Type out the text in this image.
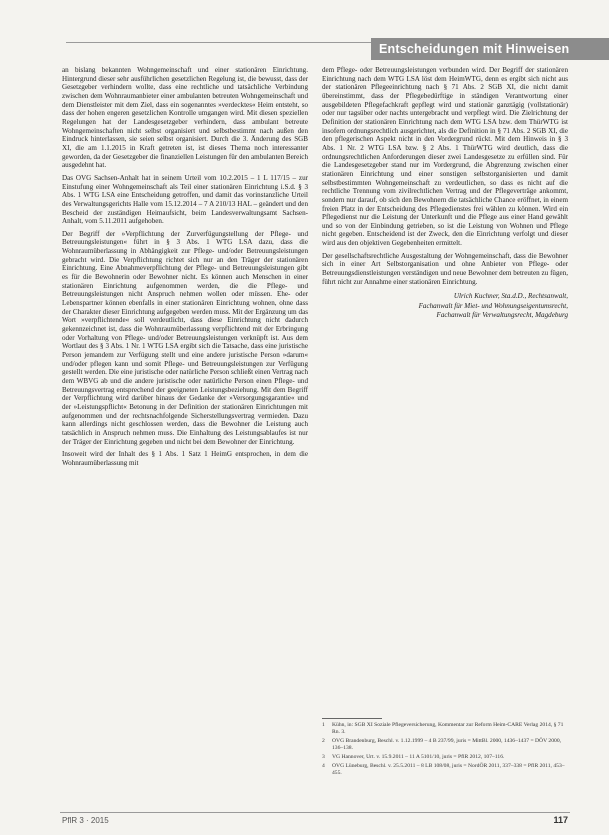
Entscheidungen mit Hinweisen

an bislang bekannten Wohngemeinschaft und einer stationären Einrichtung. Hintergrund dieser sehr ausführlichen gesetzlichen Regelung ist, die bewusst, dass der Gesetzgeber verhindern wollte, dass eine rechtliche und tatsächliche Verbindung zwischen dem Wohnraumanbieter einer ambulanten betreuten Wohngemeinschaft und dem Dienstleister mit dem Ziel, dass ein sogenanntes »verdecktes« Heim entsteht, so dass der hohen engeren gesetzlichen Kontrolle umgangen wird. Mit diesen speziellen Regelungen hat der Landesgesetzgeber verhindern, dass ambulant betreute Wohngemeinschaften nicht selbst organisiert und selbstbestimmt nach außen den Eindruck hinterlassen, sie seien selbst organisiert. Durch die 3. Änderung des SGB XI, die am 1.1.2015 in Kraft getreten ist, ist dieses Thema noch interessanter geworden, da der Gesetzgeber die finanziellen Leistungen für den ambulanten Bereich ausgedehnt hat.

Das OVG Sachsen-Anhalt hat in seinem Urteil vom 10.2.2015 – 1 L 117/15 – zur Einstufung einer Wohngemeinschaft als Teil einer stationären Einrichtung i.S.d. § 3 Abs. 1 WTG LSA eine Entscheidung getroffen, und damit das vorinstanzliche Urteil des Verwaltungsgerichts Halle vom 15.12.2014 – 7 A 210/13 HAL – geändert und den Bescheid der zuständigen Heimaufsicht, beim Landesverwaltungsamt Sachsen-Anhalt, vom 5.11.2011 aufgehoben.

Der Begriff der »Verpflichtung der Zurverfügungstellung der Pflege- und Betreuungsleistungen« führt in § 3 Abs. 1 WTG LSA dazu, dass die Wohnraumüberlassung in Abhängigkeit zur Pflege- und/oder Betreuungsleistungen gebracht wird. Die Verpflichtung richtet sich nur an den Träger der stationären Einrichtung. Eine Abnahmeverpflichtung der Pflege- und Betreuungsleistungen gibt es für die Bewohnerin oder Bewohner nicht. Es können auch Menschen in einer stationären Einrichtung aufgenommen werden, die die Pflege- und Betreuungsleistungen nicht Anspruch nehmen wollen oder müssen. Ehe- oder Lebenspartner können ebenfalls in einer stationären Einrichtung wohnen, ohne dass der Charakter dieser Einrichtung aufgegeben werden muss. Mit der Ergänzung um das Wort »verpflichtende« soll verdeutlicht, dass diese Einrichtung nicht dadurch gekennzeichnet ist, dass die Wohnraumüberlassung verpflichtend mit der Erbringung oder Vorhaltung von Pflege- und/oder Betreuungsleistungen verknüpft ist. Aus dem Wortlaut des § 3 Abs. 1 Nr. 1 WTG LSA ergibt sich die Tatsache, dass eine juristische Person jemandem zur Verfügung stellt und eine andere juristische Person »darum« und/oder pflegen kann und somit Pflege- und Betreuungsleistungen zur Verfügung gestellt werden. Die eine juristische oder natürliche Person schließt einen Vertrag nach dem WBVG ab und die andere juristische oder natürliche Person einen Pflege- und Betreuungsvertrag entsprechend der geeigneten Leistungsbeziehung. Mit dem Begriff der Verpflichtung wird darüber hinaus der Gedanke der »Versorgungsgarantie« und der »Leistungspflicht« Betonung in der Definition der stationären Einrichtungen mit aufgenommen und der rechtsnachfolgende Sicherstellungsvertrag vermieden. Dazu kann allerdings nicht geschlossen werden, dass die Bewohner die Leistung auch tatsächlich in Anspruch nehmen muss. Die Einhaltung des Leistungsablaufes ist nur der Träger der Einrichtung gegeben und nicht bei dem Bewohner der Einrichtung.

Insoweit wird der Inhalt des § 1 Abs. 1 Satz 1 HeimG entsprochen, in dem die Wohnraumüberlassung mit

dem Pflege- oder Betreuungsleistungen verbunden wird. Der Begriff der stationären Einrichtung nach dem WTG LSA löst dem HeimWTG, denn es ergibt sich nicht aus der stationären Pflegeeinrichtung nach § 71 Abs. 2 SGB XI, die nicht damit übereinstimmt, dass der Pflegebedürftige in ständigen Verantwortung einer ausgebildeten Pflegefachkraft gepflegt wird und stationär ganztägig (vollstationär) oder nur tagsüber oder nachts untergebracht und verpflegt wird. Die Zielrichtung der Definition der stationären Einrichtung nach dem WTG LSA bzw. dem ThürWTG ist insofern ordnungsrechtlich ausgerichtet, als die Definition in § 71 Abs. 2 SGB XI, die den pflegerischen Aspekt nicht in den Vordergrund rückt. Mit dem Hinweis in § 3 Abs. 1 Nr. 2 WTG LSA bzw. § 2 Abs. 1 ThürWTG wird deutlich, dass die ordnungsrechtlichen Anforderungen dieser zwei Landesgesetze zu erfüllen sind. Für die Landesgesetzgeber stand nur im Vordergrund, die Abgrenzung zwischen einer stationären Einrichtung und einer sonstigen selbstorganisierten und damit selbstbestimmten Wohngemeinschaft zu verdeutlichen, so dass es nicht auf die rechtliche Trennung vom zivilrechtlichen Vertrag und der Pflegeverträge ankommt, sondern nur darauf, ob sich den Bewohnern die tatsächliche Chance eröffnet, in einem freien Platz in der Entscheidung des Pflegedienstes frei wählen zu können. Wird ein Pflegedienst nur die Leistung der Unterkunft und die Pflege aus einer Hand gewählt und so von der Einbindung getrieben, so ist die Leistung von Wohnen und Pflege nicht gegeben. Entscheidend ist der Zweck, den die Einrichtung verfolgt und dieser wird aus den objektiven Gegebenheiten ermittelt.

Der gesellschaftsrechtliche Ausgestaltung der Wohngemeinschaft, dass die Bewohner sich in einer Art Selbstorganisation und ohne Anbieter von Pflege- oder Betreuungsdienstleistungen verständigen und neue Bewohner dem betreuten zu fügen, führt nicht zur Annahme einer stationären Einrichtung.

Ulrich Kuchner, Sta.d.D., Rechtsanwalt,
Fachanwalt für Miet- und Wohnungseigentumsrecht,
Fachanwalt für Verwaltungsrecht, Magdeburg
1	Kühn, in: SGB XI Soziale Pflegeversicherung, Kommentar zur Reform Heim-CARE Verlag 2014, § 71 Rn. 3.
2	OVG Brandenburg, Beschl. v. 1.12.1999 – 4 B 237/99, juris = MittBl. 2000, 1436–1437 = DÖV 2000, 136–138.
3	VG Hannover, Urt. v. 15.9.2011 – 11 A 5101/10, juris = PflR 2012, 107–116.
4	OVG Lüneburg, Beschl. v. 25.5.2011 – 8 LB 108/08, juris = NordÖR 2011, 337–338 = PflR 2011, 453–455.
PflR 3 · 2015	117
